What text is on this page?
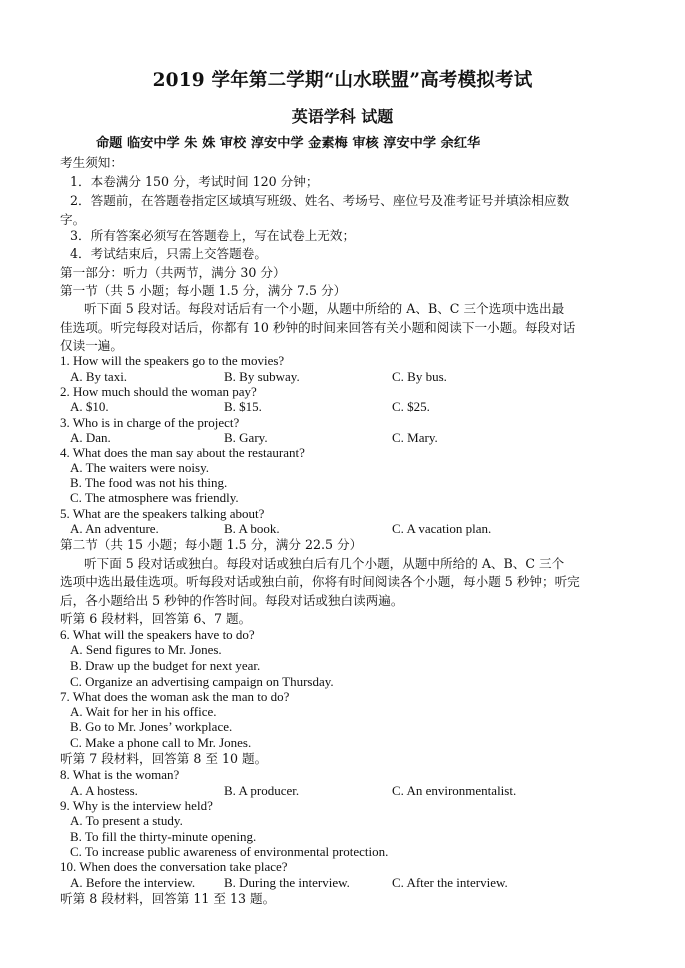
2019 学年第二学期“山水联盟”高考模拟考试
英语学科 试题
命题 临安中学 朱 姝 审校 淳安中学 金素梅 审核 淳安中学 余红华
考生须知：
1．本卷满分 150 分，考试时间 120 分钟；
2．答题前，在答题卷指定区域填写班级、姓名、考场号、座位号及准考证号并填涂相应数
字。
3．所有答案必须写在答题卷上，写在试卷上无效；
4．考试结束后，只需上交答题卷。
第一部分：听力（共两节，满分 30 分）
第一节（共 5 小题；每小题 1.5 分，满分 7.5 分）
听下面 5 段对话。每段对话后有一个小题，从题中所给的 A、B、C 三个选项中选出最
佳选项。听完每段对话后，你都有 10 秒钟的时间来回答有关小题和阅读下一小题。每段对话
仅读一遍。
1. How will the speakers go to the movies?
A. By taxi.	B. By subway.	C. By bus.
2. How much should the woman pay?
A. $10.	B. $15.	C. $25.
3. Who is in charge of the project?
A. Dan.	B. Gary.	C. Mary.
4. What does the man say about the restaurant?
A. The waiters were noisy.
B. The food was not his thing.
C. The atmosphere was friendly.
5. What are the speakers talking about?
A. An adventure.	B. A book.	C. A vacation plan.
第二节（共 15 小题；每小题 1.5 分，满分 22.5 分）
听下面 5 段对话或独白。每段对话或独白后有几个小题，从题中所给的 A、B、C 三个
选项中选出最佳选项。听每段对话或独白前，你将有时间阅读各个小题，每小题 5 秒钟；听完
后，各小题给出 5 秒钟的作答时间。每段对话或独白读两遍。
听第 6 段材料，回答第 6、7 题。
6. What will the speakers have to do?
A. Send figures to Mr. Jones.
B. Draw up the budget for next year.
C. Organize an advertising campaign on Thursday.
7. What does the woman ask the man to do?
A. Wait for her in his office.
B. Go to Mr. Jones’ workplace.
C. Make a phone call to Mr. Jones.
听第 7 段材料，回答第 8 至 10 题。
8. What is the woman?
A. A hostess.	B. A producer.	C. An environmentalist.
9. Why is the interview held?
A. To present a study.
B. To fill the thirty-minute opening.
C. To increase public awareness of environmental protection.
10. When does the conversation take place?
A. Before the interview. B. During the interview.	C. After the interview.
听第 8 段材料，回答第 11 至 13 题。
